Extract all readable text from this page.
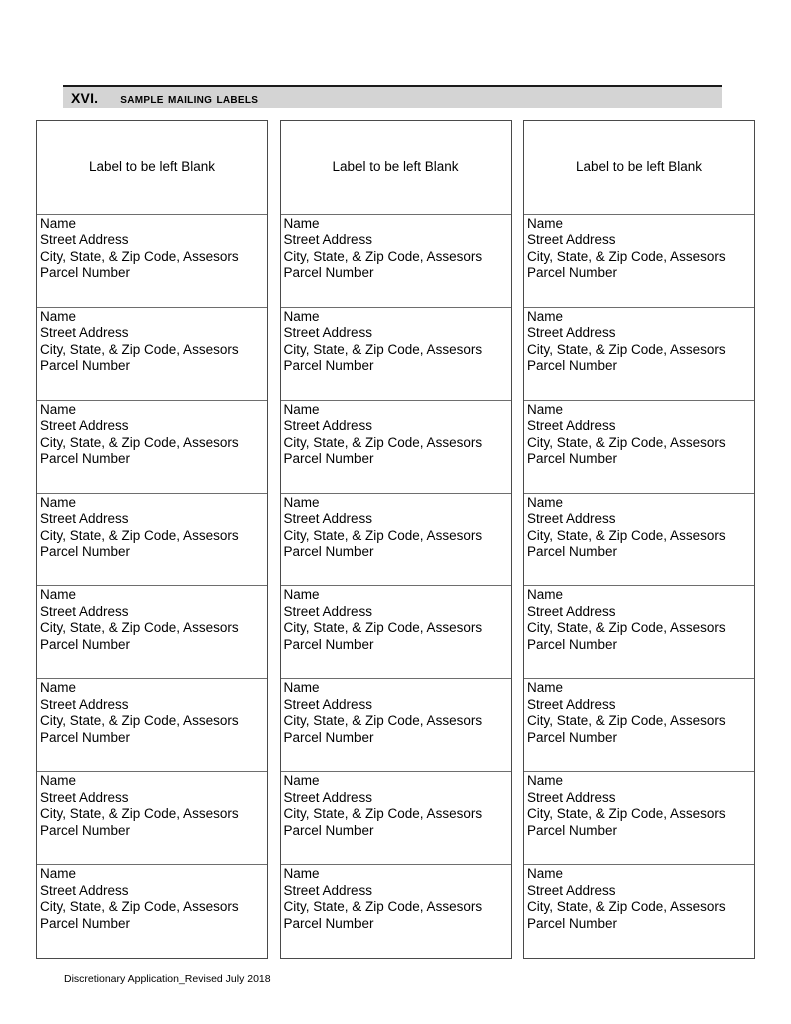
XVI. sample mailing labels
Label to be left Blank
Name
Street Address
City, State, & Zip Code, Assesors
Parcel Number
Name
Street Address
City, State, & Zip Code, Assesors
Parcel Number
Name
Street Address
City, State, & Zip Code, Assesors
Parcel Number
Name
Street Address
City, State, & Zip Code, Assesors
Parcel Number
Name
Street Address
City, State, & Zip Code, Assesors
Parcel Number
Name
Street Address
City, State, & Zip Code, Assesors
Parcel Number
Name
Street Address
City, State, & Zip Code, Assesors
Parcel Number
Name
Street Address
City, State, & Zip Code, Assesors
Parcel Number
Label to be left Blank
Name
Street Address
City, State, & Zip Code, Assesors
Parcel Number
Name
Street Address
City, State, & Zip Code, Assesors
Parcel Number
Name
Street Address
City, State, & Zip Code, Assesors
Parcel Number
Name
Street Address
City, State, & Zip Code, Assesors
Parcel Number
Name
Street Address
City, State, & Zip Code, Assesors
Parcel Number
Name
Street Address
City, State, & Zip Code, Assesors
Parcel Number
Name
Street Address
City, State, & Zip Code, Assesors
Parcel Number
Name
Street Address
City, State, & Zip Code, Assesors
Parcel Number
Label to be left Blank
Name
Street Address
City, State, & Zip Code, Assesors
Parcel Number
Name
Street Address
City, State, & Zip Code, Assesors
Parcel Number
Name
Street Address
City, State, & Zip Code, Assesors
Parcel Number
Name
Street Address
City, State, & Zip Code, Assesors
Parcel Number
Name
Street Address
City, State, & Zip Code, Assesors
Parcel Number
Name
Street Address
City, State, & Zip Code, Assesors
Parcel Number
Name
Street Address
City, State, & Zip Code, Assesors
Parcel Number
Name
Street Address
City, State, & Zip Code, Assesors
Parcel Number
Discretionary Application_Revised July 2018
